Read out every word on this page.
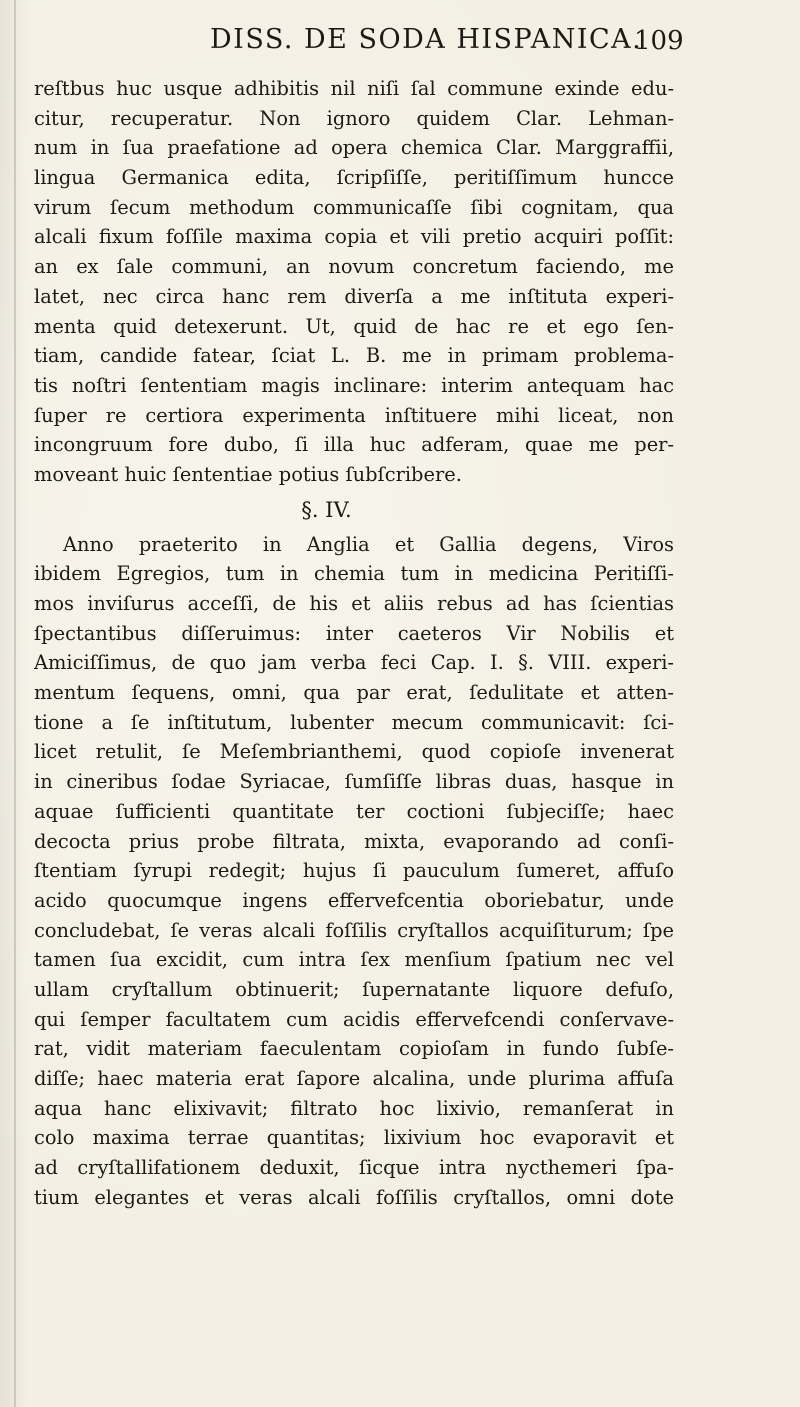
DISS. DE SODA HISPANICA.
109
reſtbus huc usque adhibitis nil niſi ſal commune exinde edu-
citur, recuperatur. Non ignoro quidem Clar. Lehman-
num in ſua praefatione ad opera chemica Clar. Marggraffii,
lingua Germanica edita, ſcripſiſſe, peritiſſimum huncce
virum ſecum methodum communicaſſe ſibi cognitam, qua
alcali fixum foſſile maxima copia et vili pretio acquiri poſſit:
an ex ſale communi, an novum concretum faciendo, me
latet, nec circa hanc rem diverſa a me inſtituta experi-
menta quid detexerunt. Ut, quid de hac re et ego ſen-
tiam, candide fatear, ſciat L. B. me in primam problema-
tis noſtri ſententiam magis inclinare: interim antequam hac
ſuper re certiora experimenta inſtituere mihi liceat, non
incongruum fore dubo, ſi illa huc adferam, quae me per-
moveant huic ſententiae potius ſubſcribere.
§. IV.
Anno praeterito in Anglia et Gallia degens, Viros
ibidem Egregios, tum in chemia tum in medicina Peritiſſi-
mos inviſurus acceſſi, de his et aliis rebus ad has ſcientias
ſpectantibus diſſeruimus: inter caeteros Vir Nobilis et
Amiciſſimus, de quo jam verba feci Cap. I. §. VIII. experi-
mentum ſequens, omni, qua par erat, ſedulitate et atten-
tione a ſe inſtitutum, lubenter mecum communicavit: ſci-
licet retulit, ſe Meſembrianthemi, quod copioſe invenerat
in cineribus ſodae Syriacae, ſumſiſſe libras duas, hasque in
aquae ſufficienti quantitate ter coctioni ſubjeciſſe; haec
decocta prius probe filtrata, mixta, evaporando ad conſi-
ſtentiam ſyrupi redegit; hujus ſi pauculum ſumeret, affuſo
acido quocumque ingens effervefcentia oboriebatur, unde
concludebat, ſe veras alcali foſſilis cryſtallos acquiſiturum; ſpe
tamen ſua excidit, cum intra ſex menſium ſpatium nec vel
ullam cryſtallum obtinuerit; ſupernatante liquore defuſo,
qui ſemper facultatem cum acidis effervefcendi conſervave-
rat, vidit materiam faeculentam copioſam in fundo ſubſe-
diſſe; haec materia erat ſapore alcalina, unde plurima affuſa
aqua hanc elixivavit; filtrato hoc lixivio, remanſerat in
colo maxima terrae quantitas; lixivium hoc evaporavit et
ad cryſtallifationem deduxit, ſicque intra nycthemeri ſpa-
tium elegantes et veras alcali foſſilis cryſtallos, omni dote
